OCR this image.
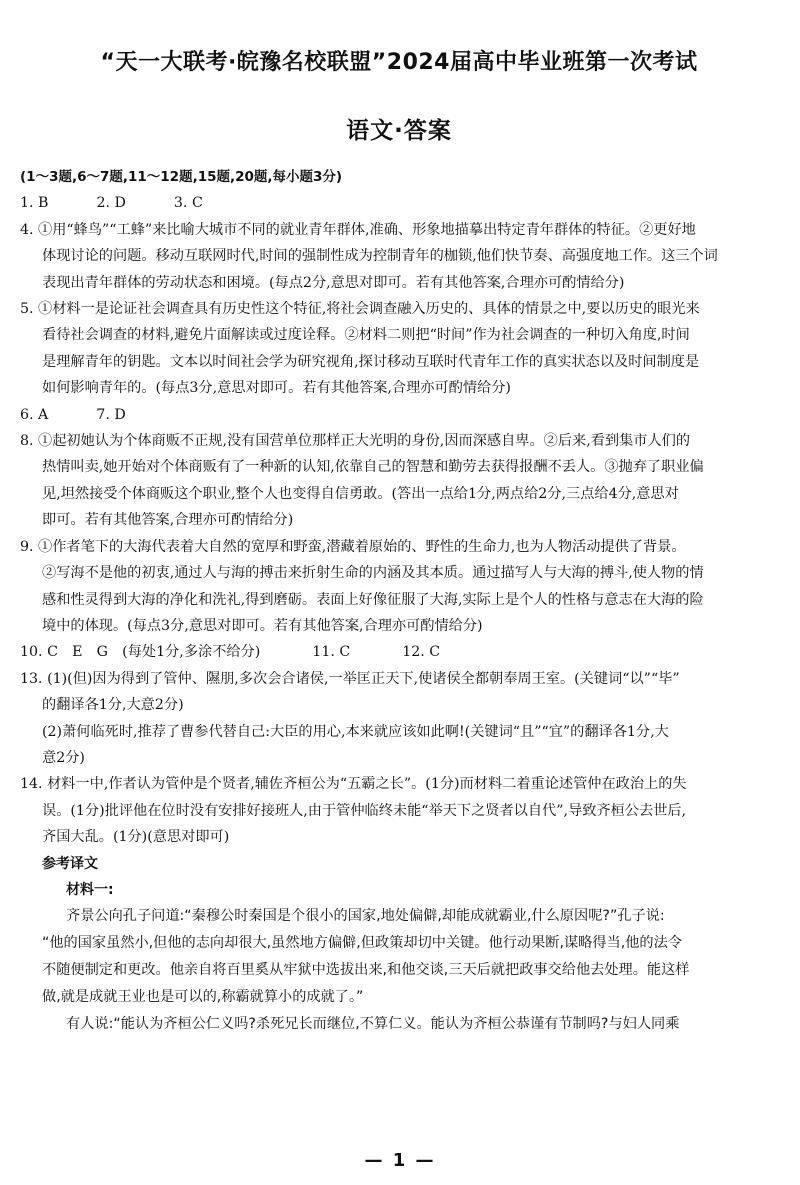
“天一大联考·皖豫名校联盟”2024届高中毕业班第一次考试
语文·答案
(1～3题,6～7题,11～12题,15题,20题,每小题3分)
1. B	2. D	3. C
4. ①用“蜂鸟”“工蜂”来比喻大城市不同的就业青年群体,准确、形象地描摹出特定青年群体的特征。②更好地
体现讨论的问题。移动互联网时代,时间的强制性成为控制青年的枷锁,他们快节奏、高强度地工作。这三个词
表现出青年群体的劳动状态和困境。(每点2分,意思对即可。若有其他答案,合理亦可酌情给分)
5. ①材料一是论证社会调查具有历史性这个特征,将社会调查融入历史的、具体的情景之中,要以历史的眼光来
看待社会调查的材料,避免片面解读或过度诠释。②材料二则把“时间”作为社会调查的一种切入角度,时间
是理解青年的钥匙。文本以时间社会学为研究视角,探讨移动互联时代青年工作的真实状态以及时间制度是
如何影响青年的。(每点3分,意思对即可。若有其他答案,合理亦可酌情给分)
6. A	7. D
8. ①起初她认为个体商贩不正规,没有国营单位那样正大光明的身份,因而深感自卑。②后来,看到集市人们的
热情叫卖,她开始对个体商贩有了一种新的认知,依靠自己的智慧和勤劳去获得报酬不丢人。③抛弃了职业偏
见,坦然接受个体商贩这个职业,整个人也变得自信勇敢。(答出一点给1分,两点给2分,三点给4分,意思对
即可。若有其他答案,合理亦可酌情给分)
9. ①作者笔下的大海代表着大自然的宽厚和野蛮,潜藏着原始的、野性的生命力,也为人物活动提供了背景。
②写海不是他的初衷,通过人与海的搏击来折射生命的内涵及其本质。通过描写人与大海的搏斗,使人物的情
感和性灵得到大海的净化和洗礼,得到磨砺。表面上好像征服了大海,实际上是个人的性格与意志在大海的险
境中的体现。(每点3分,意思对即可。若有其他答案,合理亦可酌情给分)
10. C　E　G　(每处1分,多涂不给分)	11. C	12. C
13. (1)(但)因为得到了管仲、隰朋,多次会合诸侯,一举匡正天下,使诸侯全都朝奉周王室。(关键词“以”“毕”
的翻译各1分,大意2分)
(2)萧何临死时,推荐了曹参代替自己:大臣的用心,本来就应该如此啊!(关键词“且”“宜”的翻译各1分,大
意2分)
14. 材料一中,作者认为管仲是个贤者,辅佐齐桓公为“五霸之长”。(1分)而材料二着重论述管仲在政治上的失
误。(1分)批评他在位时没有安排好接班人,由于管仲临终未能“举天下之贤者以自代”,导致齐桓公去世后,
齐国大乱。(1分)(意思对即可)
参考译文
材料一:
齐景公向孔子问道:“秦穆公时秦国是个很小的国家,地处偏僻,却能成就霸业,什么原因呢?”孔子说:
“他的国家虽然小,但他的志向却很大,虽然地方偏僻,但政策却切中关键。他行动果断,谋略得当,他的法令
不随便制定和更改。他亲自将百里奚从牢狱中选拔出来,和他交谈,三天后就把政事交给他去处理。能这样
做,就是成就王业也是可以的,称霸就算小的成就了。”
有人说:“能认为齐桓公仁义吗?杀死兄长而继位,不算仁义。能认为齐桓公恭谨有节制吗?与妇人同乘
— 1 —
